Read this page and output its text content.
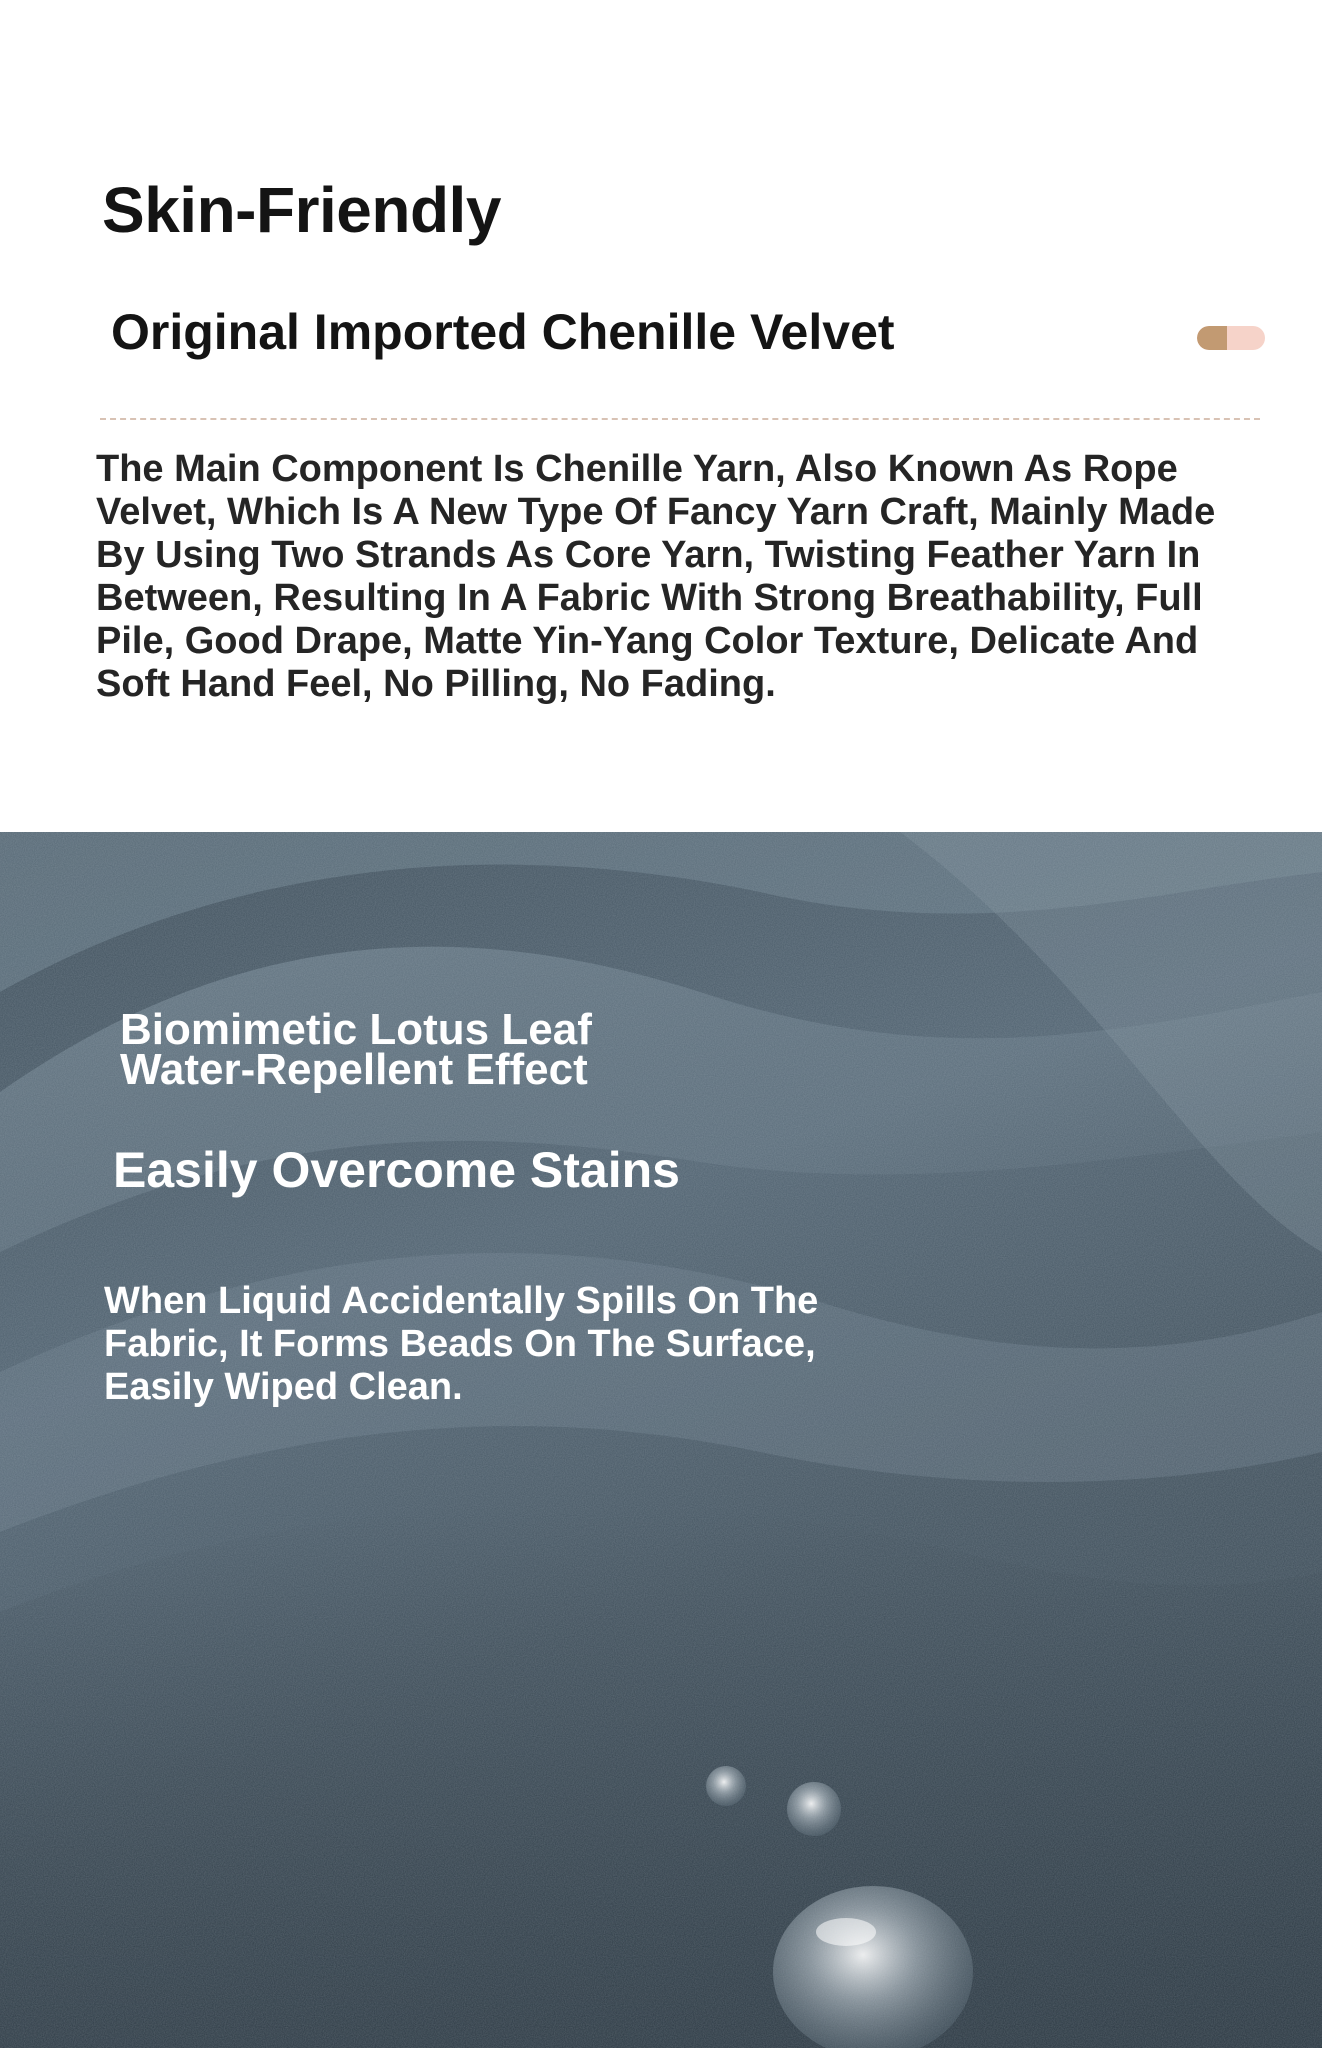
Skin-Friendly
Original Imported Chenille Velvet

The Main Component Is Chenille Yarn, Also Known As Rope Velvet, Which Is A New Type Of Fancy Yarn Craft, Mainly Made By Using Two Strands As Core Yarn, Twisting Feather Yarn In Between, Resulting In A Fabric With Strong Breathability, Full Pile, Good Drape, Matte Yin-Yang Color Texture, Delicate And Soft Hand Feel, No Pilling, No Fading.

Biomimetic Lotus Leaf
Water-Repellent Effect
Easily Overcome Stains

When Liquid Accidentally Spills On The Fabric, It Forms Beads On The Surface, Easily Wiped Clean.
